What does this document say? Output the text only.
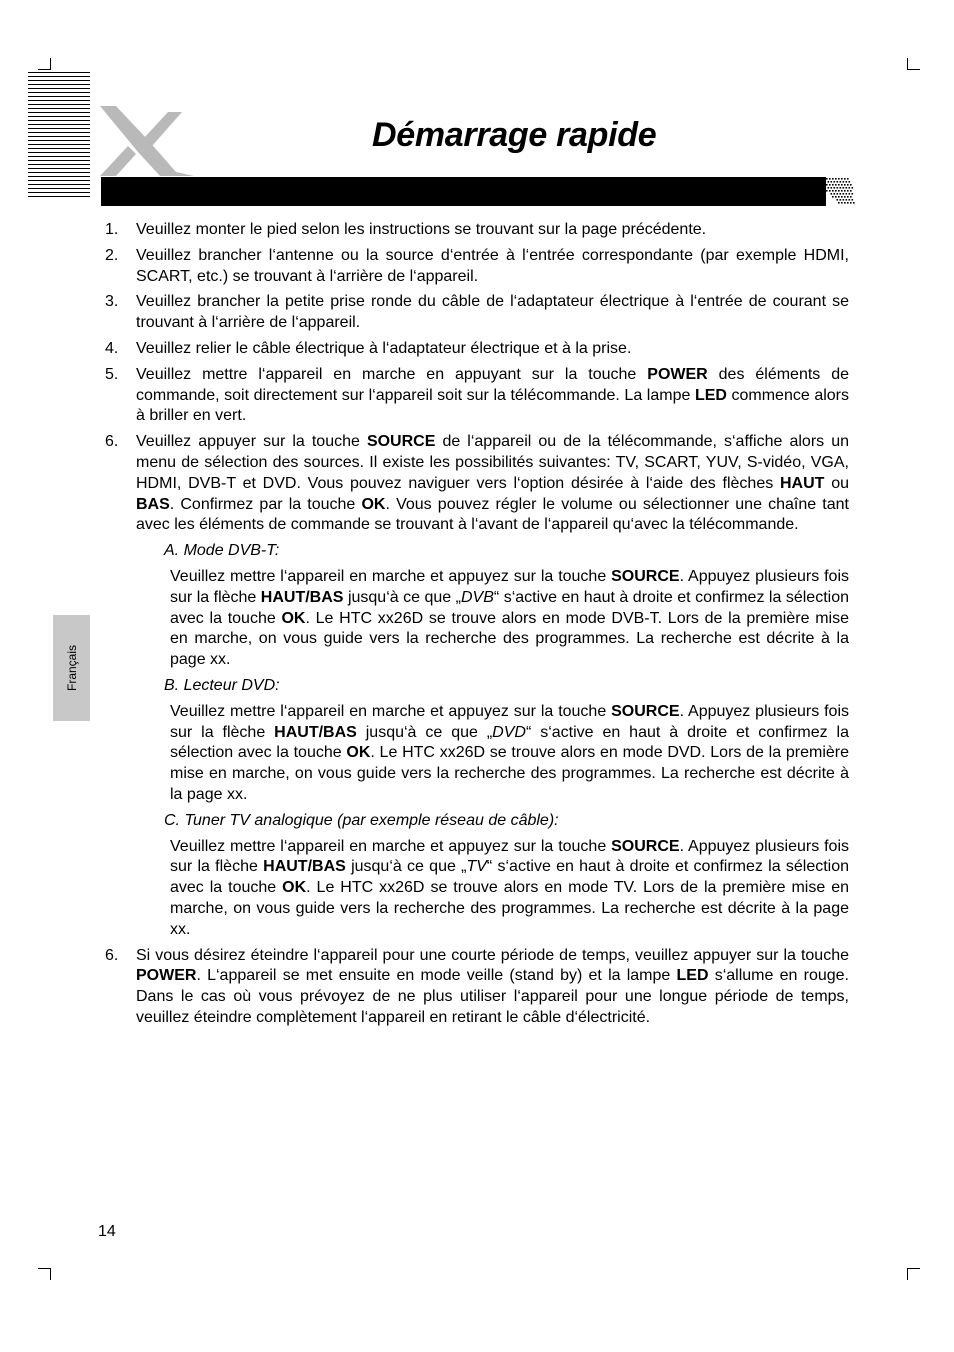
Démarrage rapide
Français
1. Veuillez monter le pied selon les instructions se trouvant sur la page précédente.
2. Veuillez brancher l‘antenne ou la source d‘entrée à l‘entrée correspondante (par exemple HDMI, SCART, etc.) se trouvant à l‘arrière de l‘appareil.
3. Veuillez brancher la petite prise ronde du câble de l‘adaptateur électrique à l‘entrée de courant se trouvant à l‘arrière de l‘appareil.
4. Veuillez relier le câble électrique à l‘adaptateur électrique et à la prise.
5. Veuillez mettre l‘appareil en marche en appuyant sur la touche POWER des éléments de commande, soit directement sur l‘appareil soit sur la télécommande. La lampe LED commence alors à briller en vert.
6. Veuillez appuyer sur la touche SOURCE de l‘appareil ou de la télécommande, s‘affiche alors un menu de sélection des sources. Il existe les possibilités suivantes: TV, SCART, YUV, S-vidéo, VGA, HDMI, DVB-T et DVD. Vous pouvez naviguer vers l‘option désirée à l‘aide des flèches HAUT ou BAS. Confirmez par la touche OK. Vous pouvez régler le volume ou sélectionner une chaîne tant avec les éléments de commande se trouvant à l‘avant de l‘appareil qu‘avec la télécommande.
A. Mode DVB-T:
Veuillez mettre l‘appareil en marche et appuyez sur la touche SOURCE. Appuyez plusieurs fois sur la flèche HAUT/BAS jusqu‘à ce que „DVB“ s‘active en haut à droite et confirmez la sélection avec la touche OK. Le HTC xx26D se trouve alors en mode DVB-T. Lors de la première mise en marche, on vous guide vers la recherche des programmes. La recherche est décrite à la page xx.
B. Lecteur DVD:
Veuillez mettre l‘appareil en marche et appuyez sur la touche SOURCE. Appuyez plusieurs fois sur la flèche HAUT/BAS jusqu‘à ce que „DVD“ s‘active en haut à droite et confirmez la sélection avec la touche OK. Le HTC xx26D se trouve alors en mode DVD. Lors de la première mise en marche, on vous guide vers la recherche des programmes. La recherche est décrite à la page xx.
C. Tuner TV analogique (par exemple réseau de câble):
Veuillez mettre l‘appareil en marche et appuyez sur la touche SOURCE. Appuyez plusieurs fois sur la flèche HAUT/BAS jusqu‘à ce que „TV“ s‘active en haut à droite et confirmez la sélection avec la touche OK. Le HTC xx26D se trouve alors en mode TV. Lors de la première mise en marche, on vous guide vers la recherche des programmes. La recherche est décrite à la page xx.
6. Si vous désirez éteindre l‘appareil pour une courte période de temps, veuillez appuyer sur la touche POWER. L‘appareil se met ensuite en mode veille (stand by) et la lampe LED s‘allume en rouge. Dans le cas où vous prévoyez de ne plus utiliser l‘appareil pour une longue période de temps, veuillez éteindre complètement l‘appareil en retirant le câble d‘électricité.
14
